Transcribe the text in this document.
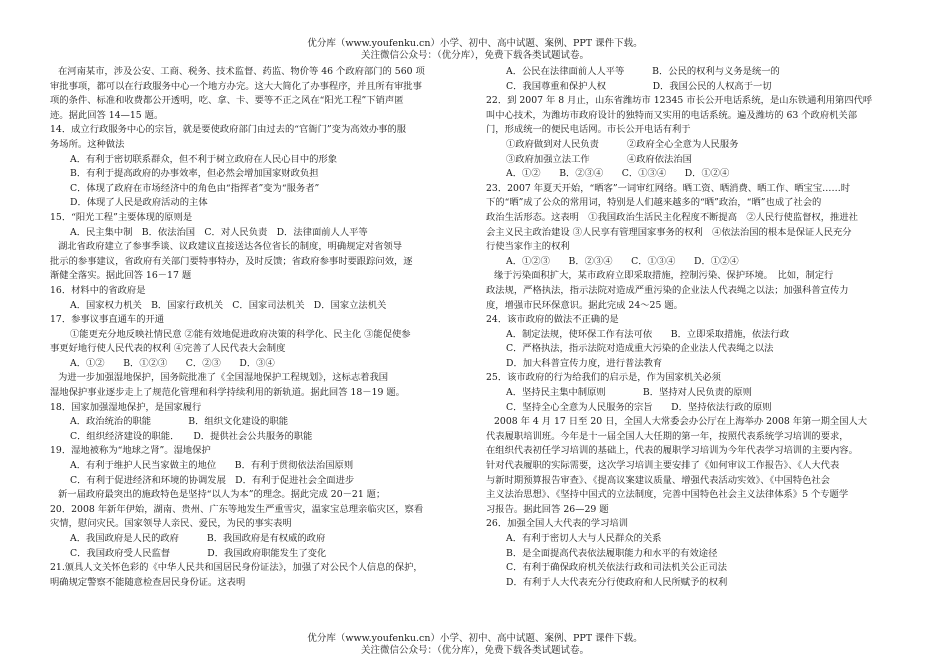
优分库（www.youfenku.cn）小学、初中、高中试题、案例、PPT 课件下载。
关注微信公众号：（优分库），免费下载各类试题试卷。
在河南某市，涉及公安、工商、税务、技术监督、药监、物价等 46 个政府部门的 560 项
审批事项，都可以在行政服务中心一个地方办完。这大大简化了办事程序，并且所有审批事
项的条件、标准和收费都公开透明，吃、拿、卡、要等不正之风在“阳光工程”下销声匿
迹。据此回答 14—15 题。
14．成立行政服务中心的宗旨，就是要使政府部门由过去的“官衙门”变为高效办事的服
务场所。这种做法
A．有利于密切联系群众，但不利于树立政府在人民心目中的形象
B．有利于提高政府的办事效率，但必然会增加国家财政负担
C．体现了政府在市场经济中的角色由“指挥者”变为“服务者”
D．体现了人民是政府活动的主体
15．“阳光工程”主要体现的原则是
A．民主集中制　B．依法治国　C．对人民负责　D．法律面前人人平等
湖北省政府建立了参事季谈、议政建议直接送达各位省长的制度，明确规定对省领导
批示的参事建议，省政府有关部门要特事特办，及时反馈；省政府参事时要跟踪问效，逐
渐健全落实。据此回答 16－17 题
16．材料中的省政府是
A．国家权力机关　B．国家行政机关　C．国家司法机关　D．国家立法机关
17．参事议事直通车的开通
①能更充分地反映社情民意 ②能有效地促进政府决策的科学化、民主化 ③能促使参
事更好地行使人民代表的权利 ④完善了人民代表大会制度
A．①②　　B．①②③　　C．②③　　D．③④
为进一步加强湿地保护，国务院批准了《全国湿地保护工程规划》，这标志着我国
湿地保护事业逐步走上了规范化管理和科学持续利用的新轨道。据此回答 18－19 题。
18．国家加强湿地保护，是国家履行
A．政治统治的职能　　　　B．组织文化建设的职能
C．组织经济建设的职能．　　D．提供社会公共服务的职能
19．湿地被称为“地球之肾”。湿地保护
A．有利于维护人民当家做主的地位　　B．有利于贯彻依法治国原则
C．有利于促进经济和环境的协调发展　D．有利于促进社会全面进步
新一届政府最突出的施政特色是坚持“以人为本”的理念。据此完成 20－21 题；
20．2008 年新年伊始，湖南、贵州、广东等地发生严重雪灾，温家宝总理亲临灾区，察看
灾情，慰问灾民。国家领导人亲民、爱民，为民的事实表明
A．我国政府是人民的政府　　　B．我国政府是有权威的政府
C．我国政府受人民监督　　　　D．我国政府职能发生了变化
21.颁具人文关怀色彩的《中华人民共和国居民身份证法》，加强了对公民个人信息的保护，
明确规定警察不能随意检查居民身份证。这表明
A．公民在法律面前人人平等　　　B．公民的权利与义务是统一的
C．我国尊重和保护人权　　　　　D．我国公民的人权高于一切
22．到 2007 年 8 月止，山东省潍坊市 12345 市长公开电话系统，是山东铁通利用第四代呼
叫中心技术，为潍坊市政府设计的独特而又实用的电话系统。遍及潍坊的 63 个政府机关部
门，形成统一的便民电话网。市长公开电话有利于
①政府做到对人民负责　　　②政府全心全意为人民服务
③政府加强立法工作　　　　④政府依法治国
A．①②　　B．②③④　　C．①③④　　D．①②④
23．2007 年夏天开始，“晒客”一词审红网络。晒工资、晒消费、晒工作、晒宝宝……时
下的“晒”成了公众的常用词，特别是人们越来越多的“晒”政治，“晒”也成了社会的
政治生活形态。这表明　①我国政治生活民主化程度不断提高　②人民行使监督权，推进社
会主义民主政治建设 ③人民享有管理国家事务的权利　④依法治国的根本是保证人民充分
行使当家作主的权利
A．①②③　　B．②③④　　C．①③④　　D．①②④
缘于污染面积扩大，某市政府立即采取措施，控制污染、保护环境。　比如，制定行
政法规，严格执法，指示法院对造成严重污染的企业法人代表绳之以法；加强科普宣传力
度，增强市民环保意识。据此完成 24～25 题。
24．该市政府的做法不正确的是
A．制定法规，使环保工作有法可依　　B．立即采取措施，依法行政
C．严格执法，指示法院对造成重大污染的企业法人代表绳之以法
D．加大科普宣传力度，进行普法教育
25．该市政府的行为给我们的启示是，作为国家机关必须
A．坚持民主集中制原则　　　　B．坚持对人民负责的原则
C．坚持全心全意为人民服务的宗旨　　D．坚持依法行政的原则
2008 年 4 月 17 日至 20 日，全国人大常委会办公厅在上海举办 2008 年第一期全国人大
代表履职培训班。今年是十一届全国人大任期的第一年，按照代表系统学习培训的要求，
在组织代表初任学习培训的基础上，代表的履职学习培训为今年代表学习培训的主要内容。
针对代表履职的实际需要，这次学习培训主要安排了《如何审议工作报告》、《人大代表
与新时期预算报告审查》、《提高议案建议质量、增强代表活动实效》、《中国特色社会
主义法治思想》、《坚持中国式的立法制度，完善中国特色社会主义法律体系》5 个专题学
习报告。据此回答 26—29 题
26．加强全国人大代表的学习培训
A．有利于密切人大与人民群众的关系
B．是全面提高代表依法履职能力和水平的有效途径
C．有利于确保政府机关依法行政和司法机关公正司法
D．有利于人大代表充分行使政府和人民所赋予的权利
优分库（www.youfenku.cn）小学、初中、高中试题、案例、PPT 课件下载。
关注微信公众号：（优分库），免费下载各类试题试卷。
